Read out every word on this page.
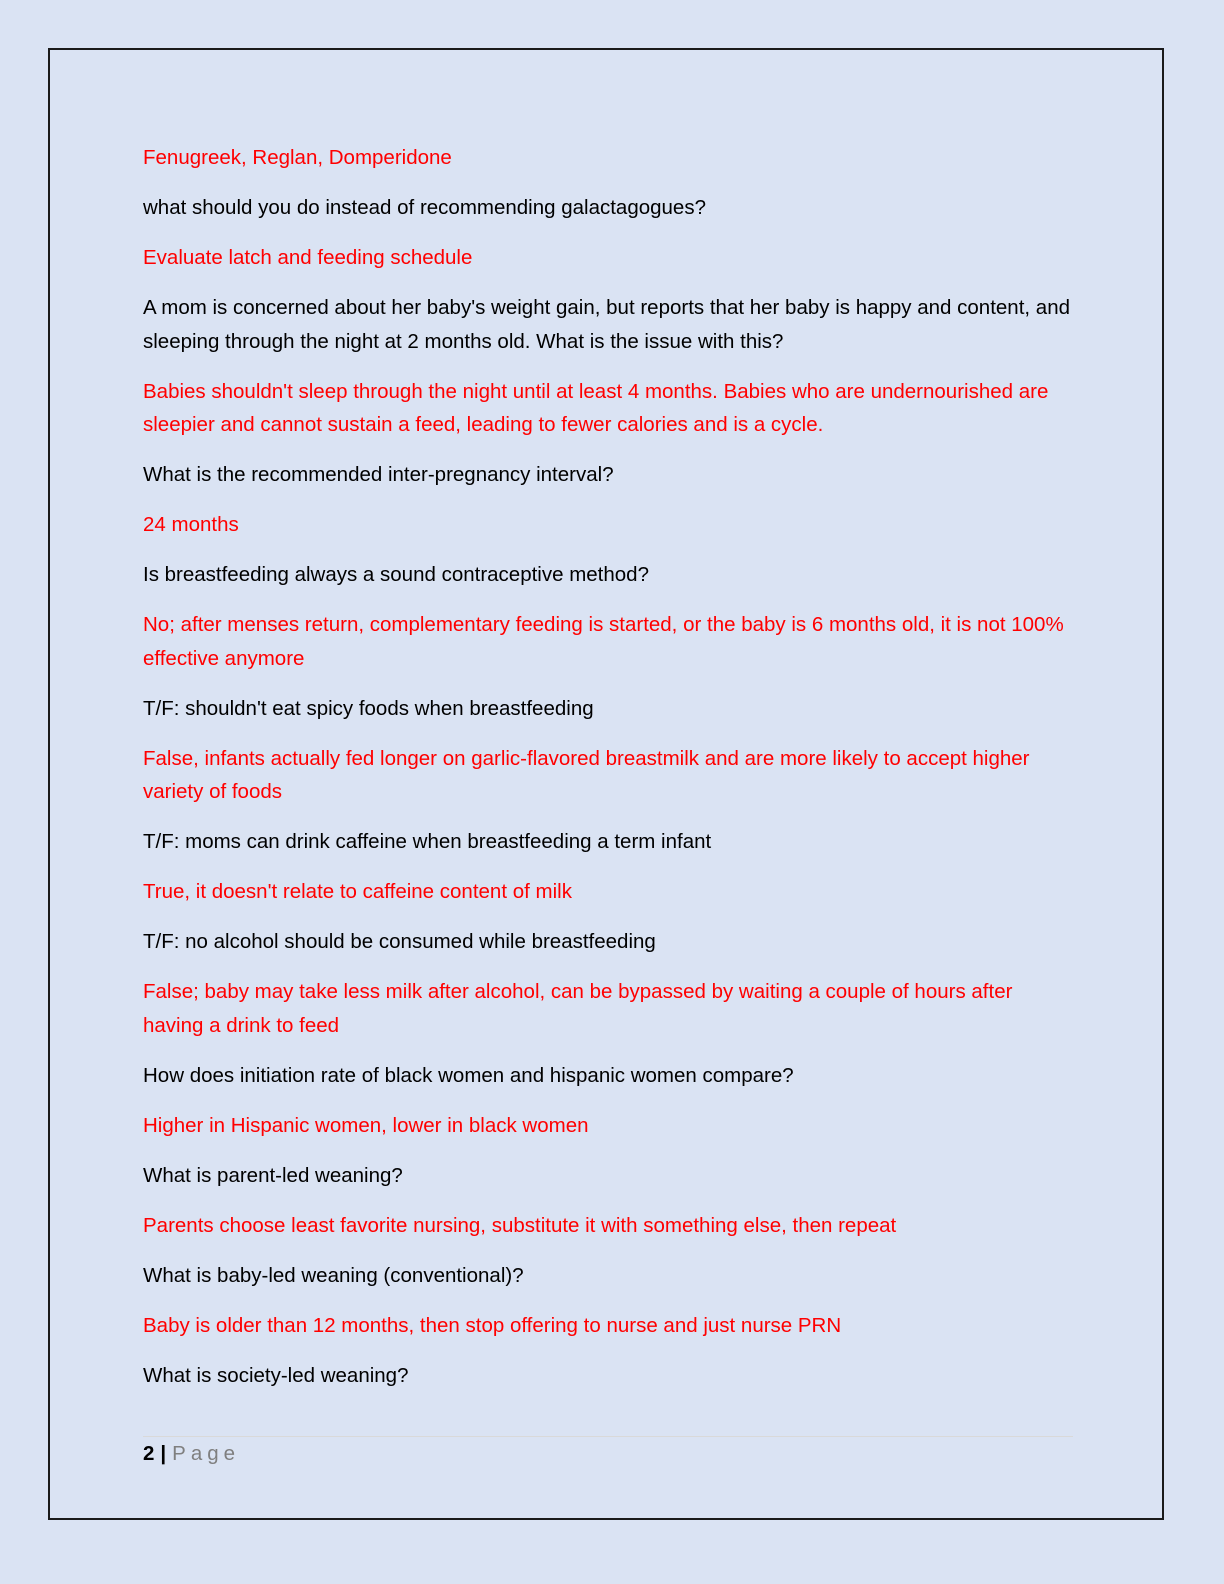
Fenugreek, Reglan, Domperidone

what should you do instead of recommending galactagogues?

Evaluate latch and feeding schedule

A mom is concerned about her baby's weight gain, but reports that her baby is happy and content, and sleeping through the night at 2 months old. What is the issue with this?

Babies shouldn't sleep through the night until at least 4 months. Babies who are undernourished are sleepier and cannot sustain a feed, leading to fewer calories and is a cycle.

What is the recommended inter-pregnancy interval?

24 months

Is breastfeeding always a sound contraceptive method?

No; after menses return, complementary feeding is started, or the baby is 6 months old, it is not 100% effective anymore

T/F: shouldn't eat spicy foods when breastfeeding

False, infants actually fed longer on garlic-flavored breastmilk and are more likely to accept higher variety of foods

T/F: moms can drink caffeine when breastfeeding a term infant

True, it doesn't relate to caffeine content of milk

T/F: no alcohol should be consumed while breastfeeding

False; baby may take less milk after alcohol, can be bypassed by waiting a couple of hours after having a drink to feed

How does initiation rate of black women and hispanic women compare?

Higher in Hispanic women, lower in black women

What is parent-led weaning?

Parents choose least favorite nursing, substitute it with something else, then repeat

What is baby-led weaning (conventional)?

Baby is older than 12 months, then stop offering to nurse and just nurse PRN

What is society-led weaning?

2 | Page
